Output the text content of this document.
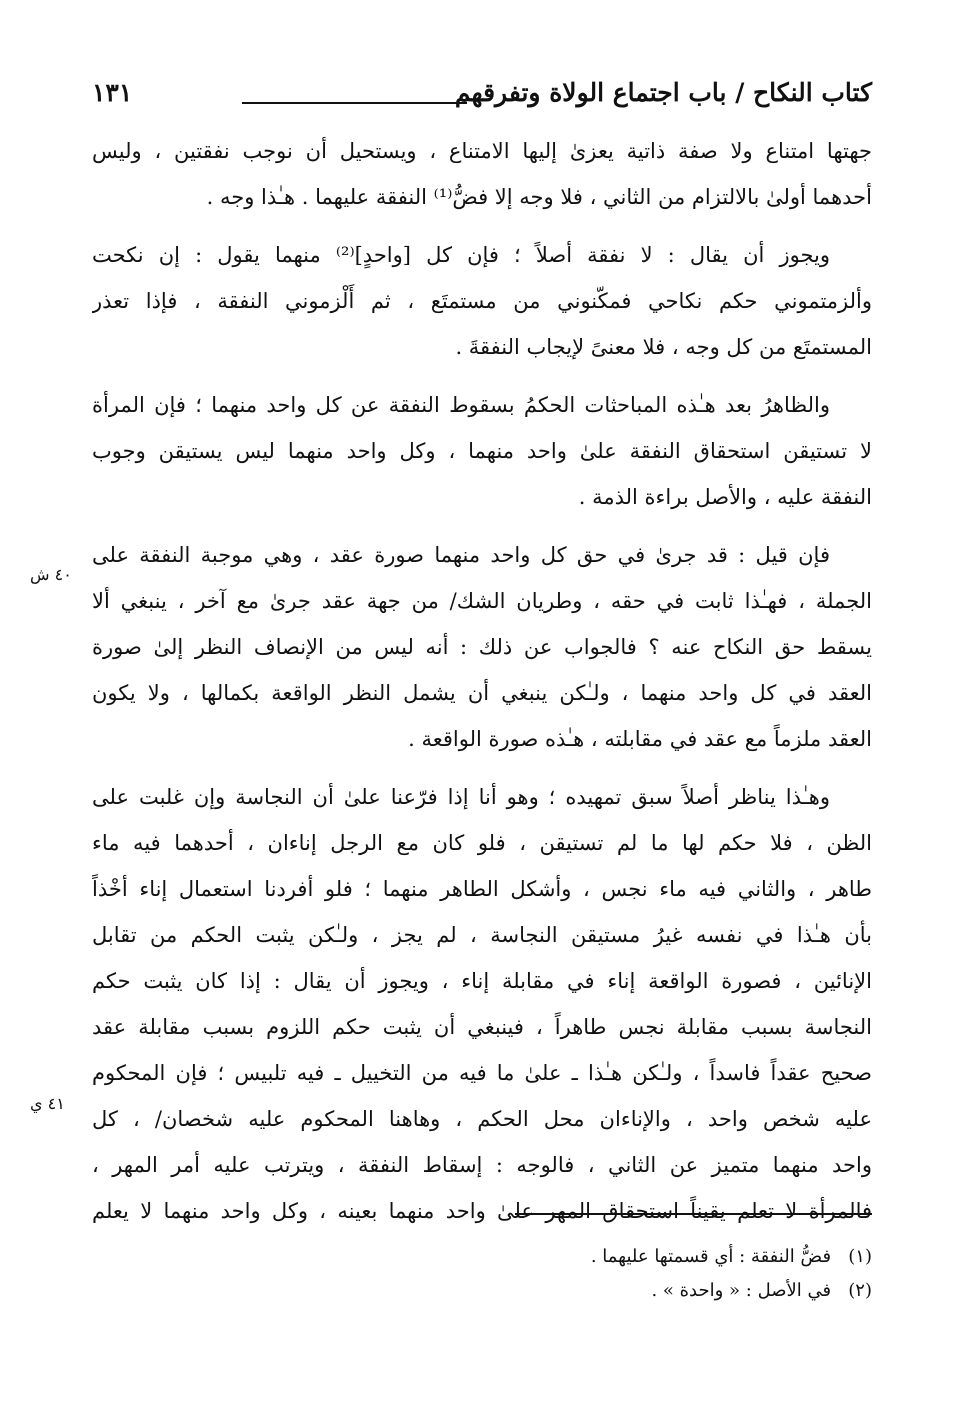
كتاب النكاح / باب اجتماع الولاة وتفرقهم
١٣١
جهتها امتناع ولا صفة ذاتية يعزىٰ إليها الامتناع ، ويستحيل أن نوجب نفقتين ، وليس
أحدهما أولىٰ بالالتزام من الثاني ، فلا وجه إلا فضُّ⁽¹⁾ النفقة عليهما . هـٰذا وجه .
ويجوز أن يقال : لا نفقة أصلاً ؛ فإن كل [واحدٍ]⁽²⁾ منهما يقول : إن نكحت
وألزمتموني حكم نكاحي فمكّنوني من مستمتَع ، ثم أَلْزموني النفقة ، فإذا تعذر
المستمتَع من كل وجه ، فلا معنىً لإيجاب النفقةَ .
والظاهرُ بعد هـٰذه المباحثات الحكمُ بسقوط النفقة عن كل واحد منهما ؛ فإن المرأة
لا تستيقن استحقاق النفقة علىٰ واحد منهما ، وكل واحد منهما ليس يستيقن وجوب
النفقة عليه ، والأصل براءة الذمة .
فإن قيل : قد جرىٰ في حق كل واحد منهما صورة عقد ، وهي موجبة النفقة على
الجملة ، فهـٰذا ثابت في حقه ، وطريان الشك/ من جهة عقد جرىٰ مع آخر ، ينبغي ألا
يسقط حق النكاح عنه ؟ فالجواب عن ذلك : أنه ليس من الإنصاف النظر إلىٰ صورة
العقد في كل واحد منهما ، ولـٰكن ينبغي أن يشمل النظر الواقعة بكمالها ، ولا يكون
العقد ملزماً مع عقد في مقابلته ، هـٰذه صورة الواقعة .
وهـٰذا يناظر أصلاً سبق تمهيده ؛ وهو أنا إذا فرّعنا علىٰ أن النجاسة وإن غلبت على
الظن ، فلا حكم لها ما لم تستيقن ، فلو كان مع الرجل إناءان ، أحدهما فيه ماء
طاهر ، والثاني فيه ماء نجس ، وأشكل الطاهر منهما ؛ فلو أفردنا استعمال إناء أخْذاً
بأن هـٰذا في نفسه غيرُ مستيقن النجاسة ، لم يجز ، ولـٰكن يثبت الحكم من تقابل
الإنائين ، فصورة الواقعة إناء في مقابلة إناء ، ويجوز أن يقال : إذا كان يثبت حكم
النجاسة بسبب مقابلة نجس طاهراً ، فينبغي أن يثبت حكم اللزوم بسبب مقابلة عقد
صحيح عقداً فاسداً ، ولـٰكن هـٰذا ـ علىٰ ما فيه من التخييل ـ فيه تلبيس ؛ فإن المحكوم
عليه شخص واحد ، والإناءان محل الحكم ، وهاهنا المحكوم عليه شخصان/ ، كل
واحد منهما متميز عن الثاني ، فالوجه : إسقاط النفقة ، ويترتب عليه أمر المهر ،
فالمرأة لا تعلم يقيناً استحقاق المهر علىٰ واحد منهما بعينه ، وكل واحد منهما لا يعلم
٤٠ ش
٤١ ي
(١)   فضُّ النفقة : أي قسمتها عليهما .
(٢)   في الأصل : « واحدة » .
